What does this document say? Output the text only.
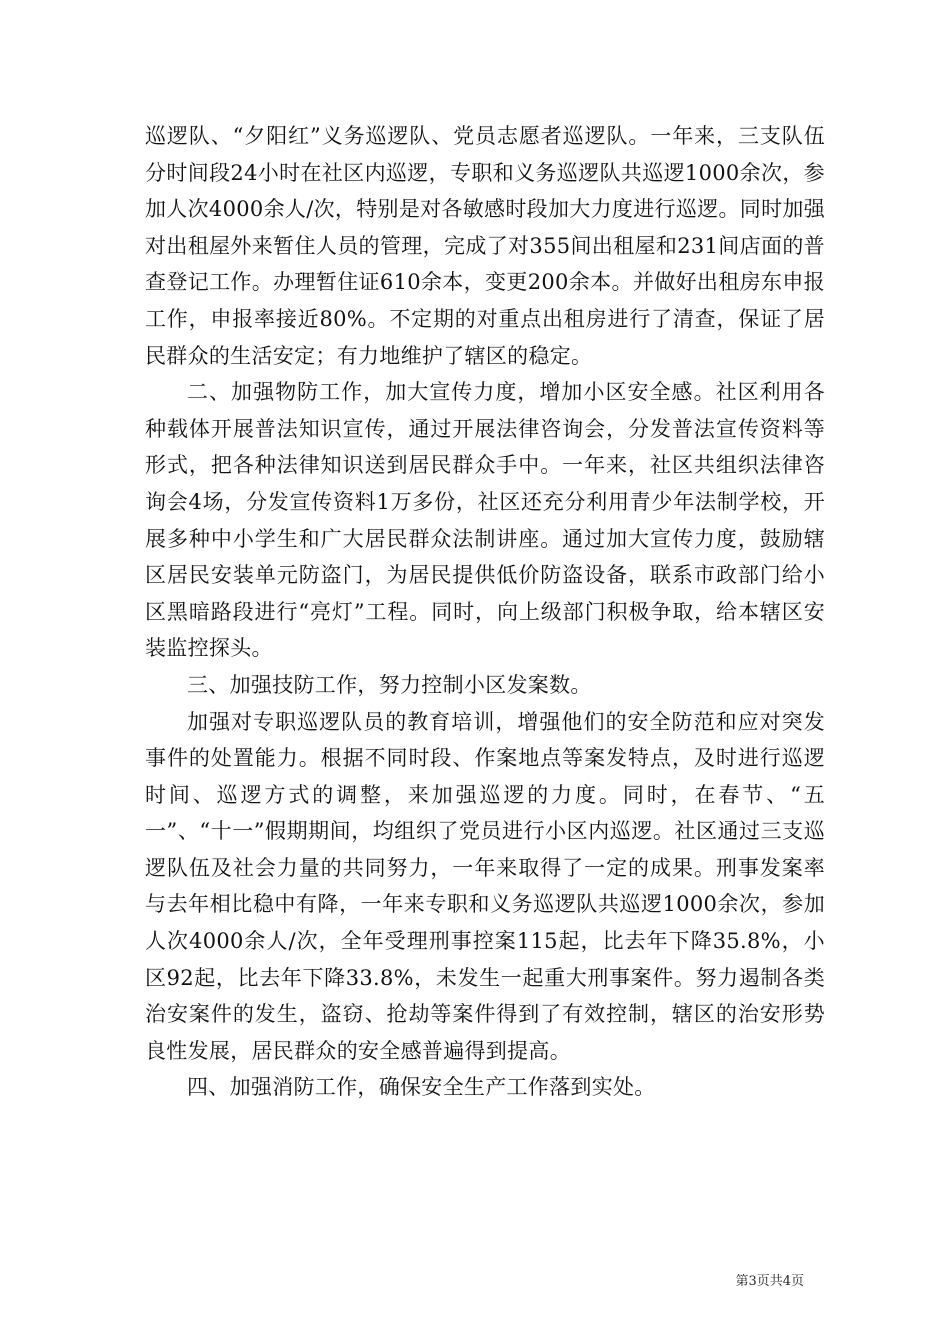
巡逻队、“夕阳红”义务巡逻队、党员志愿者巡逻队。一年来，三支队伍分时间段24小时在社区内巡逻，专职和义务巡逻队共巡逻1000余次，参加人次4000余人/次，特别是对各敏感时段加大力度进行巡逻。同时加强对出租屋外来暂住人员的管理，完成了对355间出租屋和231间店面的普查登记工作。办理暂住证610余本，变更200余本。并做好出租房东申报工作，申报率接近80%。不定期的对重点出租房进行了清查，保证了居民群众的生活安定；有力地维护了辖区的稳定。

二、加强物防工作，加大宣传力度，增加小区安全感。社区利用各种载体开展普法知识宣传，通过开展法律咨询会，分发普法宣传资料等形式，把各种法律知识送到居民群众手中。一年来，社区共组织法律咨询会4场，分发宣传资料1万多份，社区还充分利用青少年法制学校，开展多种中小学生和广大居民群众法制讲座。通过加大宣传力度，鼓励辖区居民安装单元防盗门，为居民提供低价防盗设备，联系市政部门给小区黑暗路段进行“亮灯”工程。同时，向上级部门积极争取，给本辖区安装监控探头。

三、加强技防工作，努力控制小区发案数。

加强对专职巡逻队员的教育培训，增强他们的安全防范和应对突发事件的处置能力。根据不同时段、作案地点等案发特点，及时进行巡逻时间、巡逻方式的调整，来加强巡逻的力度。同时，在春节、“五一”、“十一”假期期间，均组织了党员进行小区内巡逻。社区通过三支巡逻队伍及社会力量的共同努力，一年来取得了一定的成果。刑事发案率与去年相比稳中有降，一年来专职和义务巡逻队共巡逻1000余次，参加人次4000余人/次，全年受理刑事控案115起，比去年下降35.8%，小区92起，比去年下降33.8%，未发生一起重大刑事案件。努力遏制各类治安案件的发生，盗窃、抢劫等案件得到了有效控制，辖区的治安形势良性发展，居民群众的安全感普遍得到提高。

四、加强消防工作，确保安全生产工作落到实处。

第3页共4页
